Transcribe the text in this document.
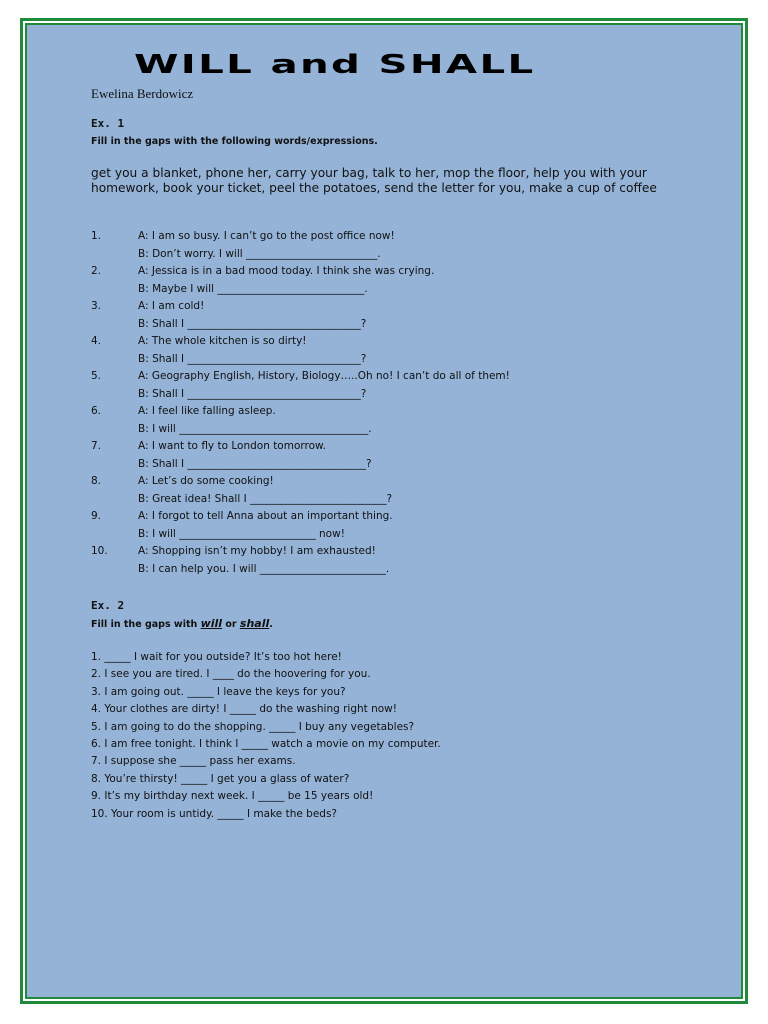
WILL and SHALL
Ewelina Berdowicz
Ex. 1
Fill in the gaps with the following words/expressions.
get you a blanket, phone her, carry your bag, talk to her, mop the floor, help you with your homework, book your ticket, peel the potatoes, send the letter for you, make a cup of coffee
1.	A: I am so busy. I can’t go to the post office now!
B: Don’t worry. I will _________________________.
2.	A: Jessica is in a bad mood today. I think she was crying.
B: Maybe I will ____________________________.
3.	A: I am cold!
B: Shall I _________________________________?
4.	A: The whole kitchen is so dirty!
B: Shall I _________________________________?
5.	A: Geography English, History, Biology…..Oh no! I can’t do all of them!
B: Shall I _________________________________?
6.	A: I feel like falling asleep.
B: I will ____________________________________.
7.	A: I want to fly to London tomorrow.
B: Shall I __________________________________?
8.	A: Let’s do some cooking!
B: Great idea! Shall I __________________________?
9.	A: I forgot to tell Anna about an important thing.
B: I will __________________________ now!
10.	A: Shopping isn’t my hobby! I am exhausted!
B: I can help you. I will ________________________.
Ex. 2
Fill in the gaps with will or shall.
1. _____ I wait for you outside? It’s too hot here!
2. I see you are tired. I ____ do the hoovering for you.
3. I am going out. _____ I leave the keys for you?
4. Your clothes are dirty! I _____ do the washing right now!
5. I am going to do the shopping. _____ I buy any vegetables?
6. I am free tonight. I think I _____ watch a movie on my computer.
7. I suppose she _____ pass her exams.
8. You’re thirsty! _____ I get you a glass of water?
9. It’s my birthday next week. I _____ be 15 years old!
10. Your room is untidy. _____ I make the beds?
